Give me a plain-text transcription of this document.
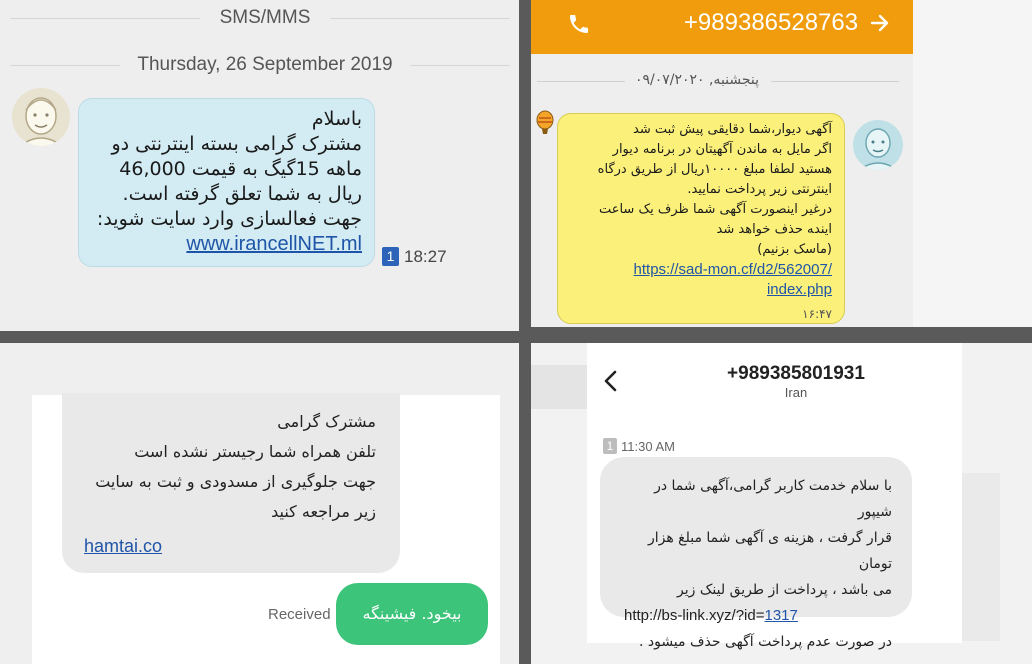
SMS/MMS
Thursday, 26 September 2019
باسلام
مشترک گرامی بسته اینترنتی دو
ماهه 15گیگ به قیمت 46,000
ریال به شما تعلق گرفته است.
جهت فعالسازی وارد سایت شوید:
www.irancellNET.ml
1 18:27
+989386528763
پنجشنبه, ۰۹/۰۷/۲۰۲۰
آگهی دیوار،شما دقایقی پیش ثبت شد
اگر مایل به ماندن آگهیتان در برنامه دیوار
هستید لطفا مبلغ ۱۰۰۰۰ریال از طریق درگاه
اینترنتی زیر پرداخت نمایید.
درغیر اینصورت آگهی شما ظرف یک ساعت
ایند‍ه حذف خواهد شد
(ماسک بزنیم)
https://sad-mon.cf/d2/562007/
index.php
۱۶:۴۷
مشترک گرامی
تلفن همراه شما رجیستر نشده است
جهت جلوگیری از مسدودی و ثبت به سایت
زیر مراجعه کنید
hamtai.co
Received	بیخود. فیشینگه
+989385801931
Iran
1 11:30 AM
با سلام خدمت کاربر گرامی،آگهی شما در شیپور
قرار گرفت ، هزینه ی آگهی شما مبلغ هزار تومان
می باشد ، پرداخت از طریق لینک زیر
http://bs-link.xyz/?id=1317
در صورت عدم پرداخت آگهی حذف میشود .
